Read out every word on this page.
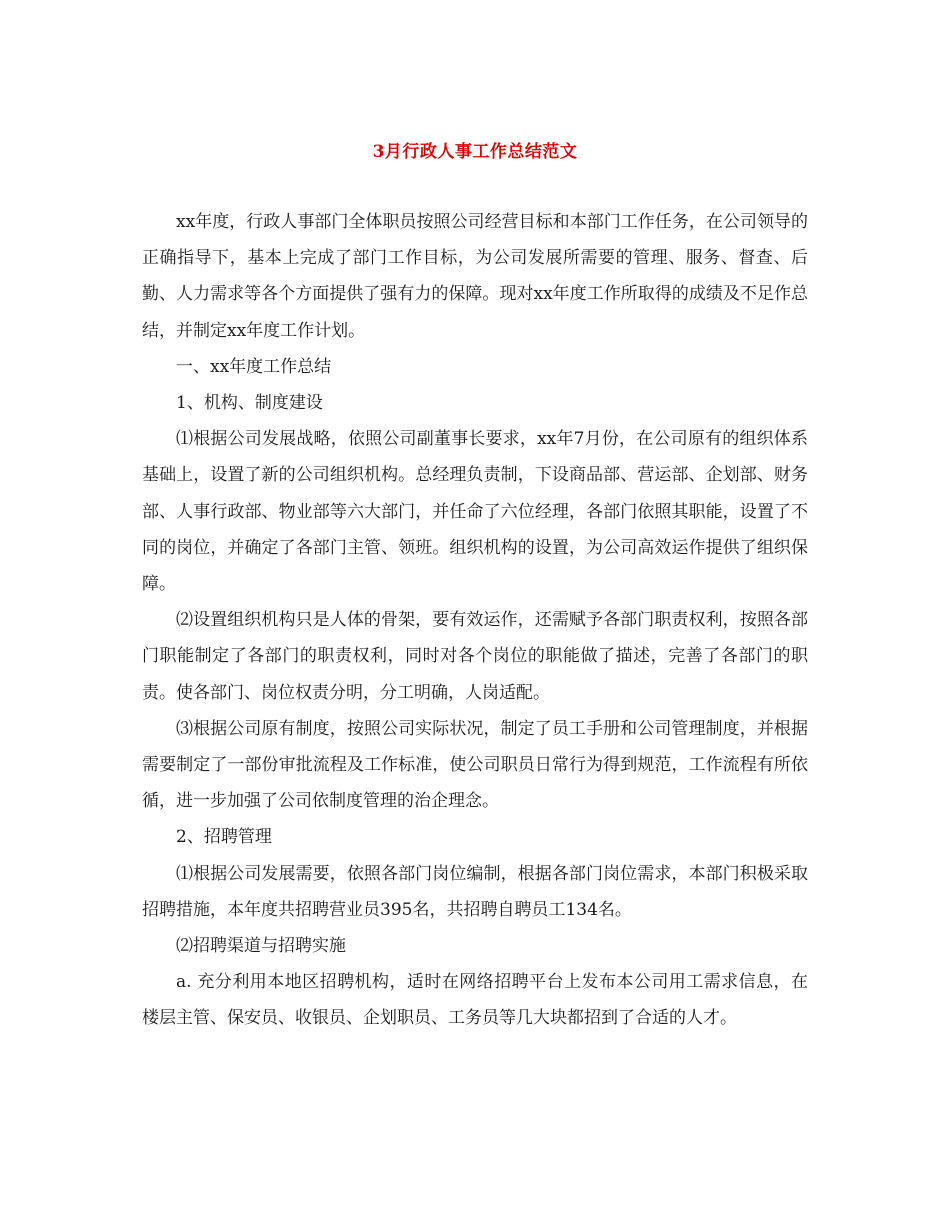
3月行政人事工作总结范文

xx年度，行政人事部门全体职员按照公司经营目标和本部门工作任务，在公司领导的正确指导下，基本上完成了部门工作目标，为公司发展所需要的管理、服务、督查、后勤、人力需求等各个方面提供了强有力的保障。现对xx年度工作所取得的成绩及不足作总结，并制定xx年度工作计划。

一、xx年度工作总结

1、机构、制度建设

⑴根据公司发展战略，依照公司副董事长要求，xx年7月份，在公司原有的组织体系基础上，设置了新的公司组织机构。总经理负责制，下设商品部、营运部、企划部、财务部、人事行政部、物业部等六大部门，并任命了六位经理，各部门依照其职能，设置了不同的岗位，并确定了各部门主管、领班。组织机构的设置，为公司高效运作提供了组织保障。

⑵设置组织机构只是人体的骨架，要有效运作，还需赋予各部门职责权利，按照各部门职能制定了各部门的职责权利，同时对各个岗位的职能做了描述，完善了各部门的职责。使各部门、岗位权责分明，分工明确，人岗适配。

⑶根据公司原有制度，按照公司实际状况，制定了员工手册和公司管理制度，并根据需要制定了一部份审批流程及工作标准，使公司职员日常行为得到规范，工作流程有所依循，进一步加强了公司依制度管理的治企理念。

2、招聘管理

⑴根据公司发展需要，依照各部门岗位编制，根据各部门岗位需求，本部门积极采取招聘措施，本年度共招聘营业员395名，共招聘自聘员工134名。

⑵招聘渠道与招聘实施

a. 充分利用本地区招聘机构，适时在网络招聘平台上发布本公司用工需求信息，在楼层主管、保安员、收银员、企划职员、工务员等几大块都招到了合适的人才。
